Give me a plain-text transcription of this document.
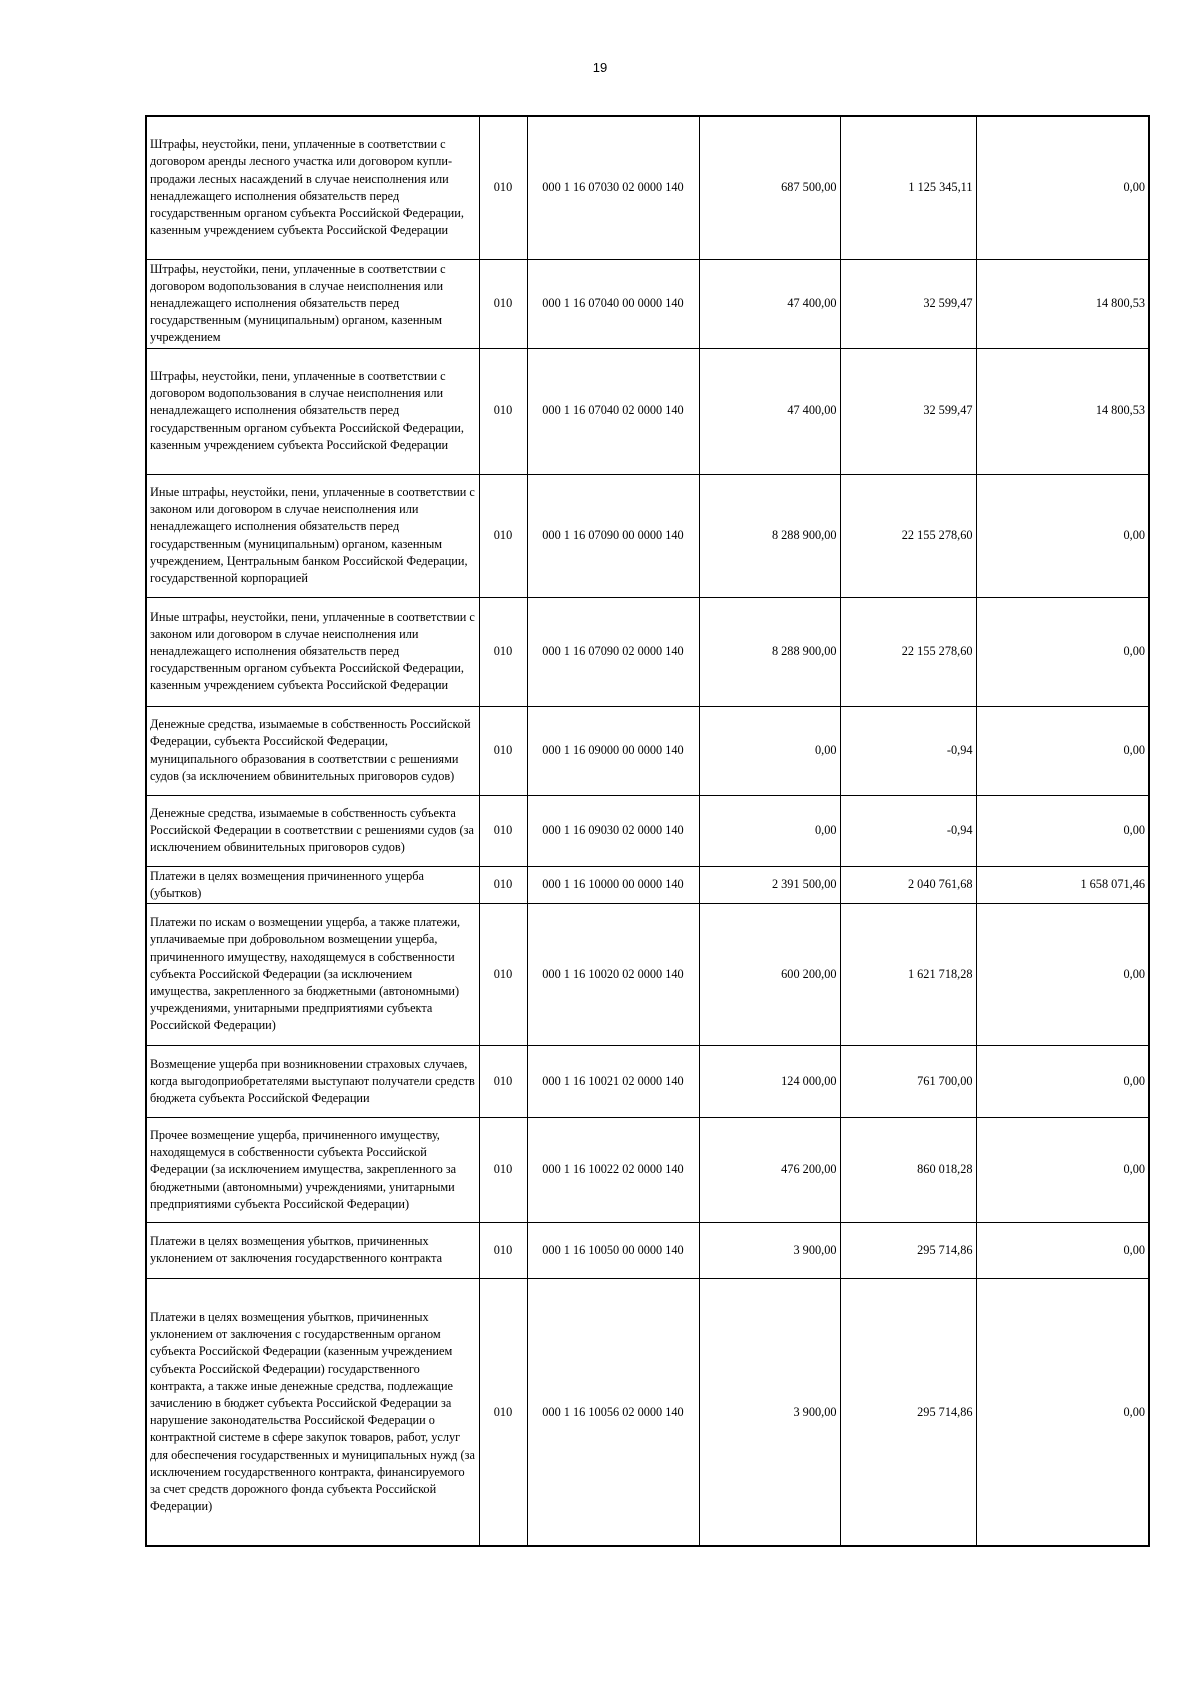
19
Штрафы, неустойки, пени, уплаченные в соответствии с договором аренды лесного участка или договором купли-продажи лесных насаждений в случае неисполнения или ненадлежащего исполнения обязательств перед государственным органом субъекта Российской Федерации, казенным учреждением субъекта Российской Федерации	010	000 1 16 07030 02 0000 140	687 500,00	1 125 345,11	0,00
Штрафы, неустойки, пени, уплаченные в соответствии с договором водопользования в случае неисполнения или ненадлежащего исполнения обязательств перед государственным (муниципальным) органом, казенным учреждением	010	000 1 16 07040 00 0000 140	47 400,00	32 599,47	14 800,53
Штрафы, неустойки, пени, уплаченные в соответствии с договором водопользования в случае неисполнения или ненадлежащего исполнения обязательств перед государственным органом субъекта Российской Федерации, казенным учреждением субъекта Российской Федерации	010	000 1 16 07040 02 0000 140	47 400,00	32 599,47	14 800,53
Иные штрафы, неустойки, пени, уплаченные в соответствии с законом или договором в случае неисполнения или ненадлежащего исполнения обязательств перед государственным (муниципальным) органом, казенным учреждением, Центральным банком Российской Федерации, государственной корпорацией	010	000 1 16 07090 00 0000 140	8 288 900,00	22 155 278,60	0,00
Иные штрафы, неустойки, пени, уплаченные в соответствии с законом или договором в случае неисполнения или ненадлежащего исполнения обязательств перед государственным органом субъекта Российской Федерации, казенным учреждением субъекта Российской Федерации	010	000 1 16 07090 02 0000 140	8 288 900,00	22 155 278,60	0,00
Денежные средства, изымаемые в собственность Российской Федерации, субъекта Российской Федерации, муниципального образования в соответствии с решениями судов (за исключением обвинительных приговоров судов)	010	000 1 16 09000 00 0000 140	0,00	-0,94	0,00
Денежные средства, изымаемые в собственность субъекта Российской Федерации в соответствии с решениями судов (за исключением обвинительных приговоров судов)	010	000 1 16 09030 02 0000 140	0,00	-0,94	0,00
Платежи в целях возмещения причиненного ущерба (убытков)	010	000 1 16 10000 00 0000 140	2 391 500,00	2 040 761,68	1 658 071,46
Платежи по искам о возмещении ущерба, а также платежи, уплачиваемые при добровольном возмещении ущерба, причиненного имуществу, находящемуся в собственности субъекта Российской Федерации (за исключением имущества, закрепленного за бюджетными (автономными) учреждениями, унитарными предприятиями субъекта Российской Федерации)	010	000 1 16 10020 02 0000 140	600 200,00	1 621 718,28	0,00
Возмещение ущерба при возникновении страховых случаев, когда выгодоприобретателями выступают получатели средств бюджета субъекта Российской Федерации	010	000 1 16 10021 02 0000 140	124 000,00	761 700,00	0,00
Прочее возмещение ущерба, причиненного имуществу, находящемуся в собственности субъекта Российской Федерации (за исключением имущества, закрепленного за бюджетными (автономными) учреждениями, унитарными предприятиями субъекта Российской Федерации)	010	000 1 16 10022 02 0000 140	476 200,00	860 018,28	0,00
Платежи в целях возмещения убытков, причиненных уклонением от заключения государственного контракта	010	000 1 16 10050 00 0000 140	3 900,00	295 714,86	0,00
Платежи в целях возмещения убытков, причиненных уклонением от заключения с государственным органом субъекта Российской Федерации (казенным учреждением субъекта Российской Федерации) государственного контракта, а также иные денежные средства, подлежащие зачислению в бюджет субъекта Российской Федерации за нарушение законодательства Российской Федерации о контрактной системе в сфере закупок товаров, работ, услуг для обеспечения государственных и муниципальных нужд (за исключением государственного контракта, финансируемого за счет средств дорожного фонда субъекта Российской Федерации)	010	000 1 16 10056 02 0000 140	3 900,00	295 714,86	0,00
